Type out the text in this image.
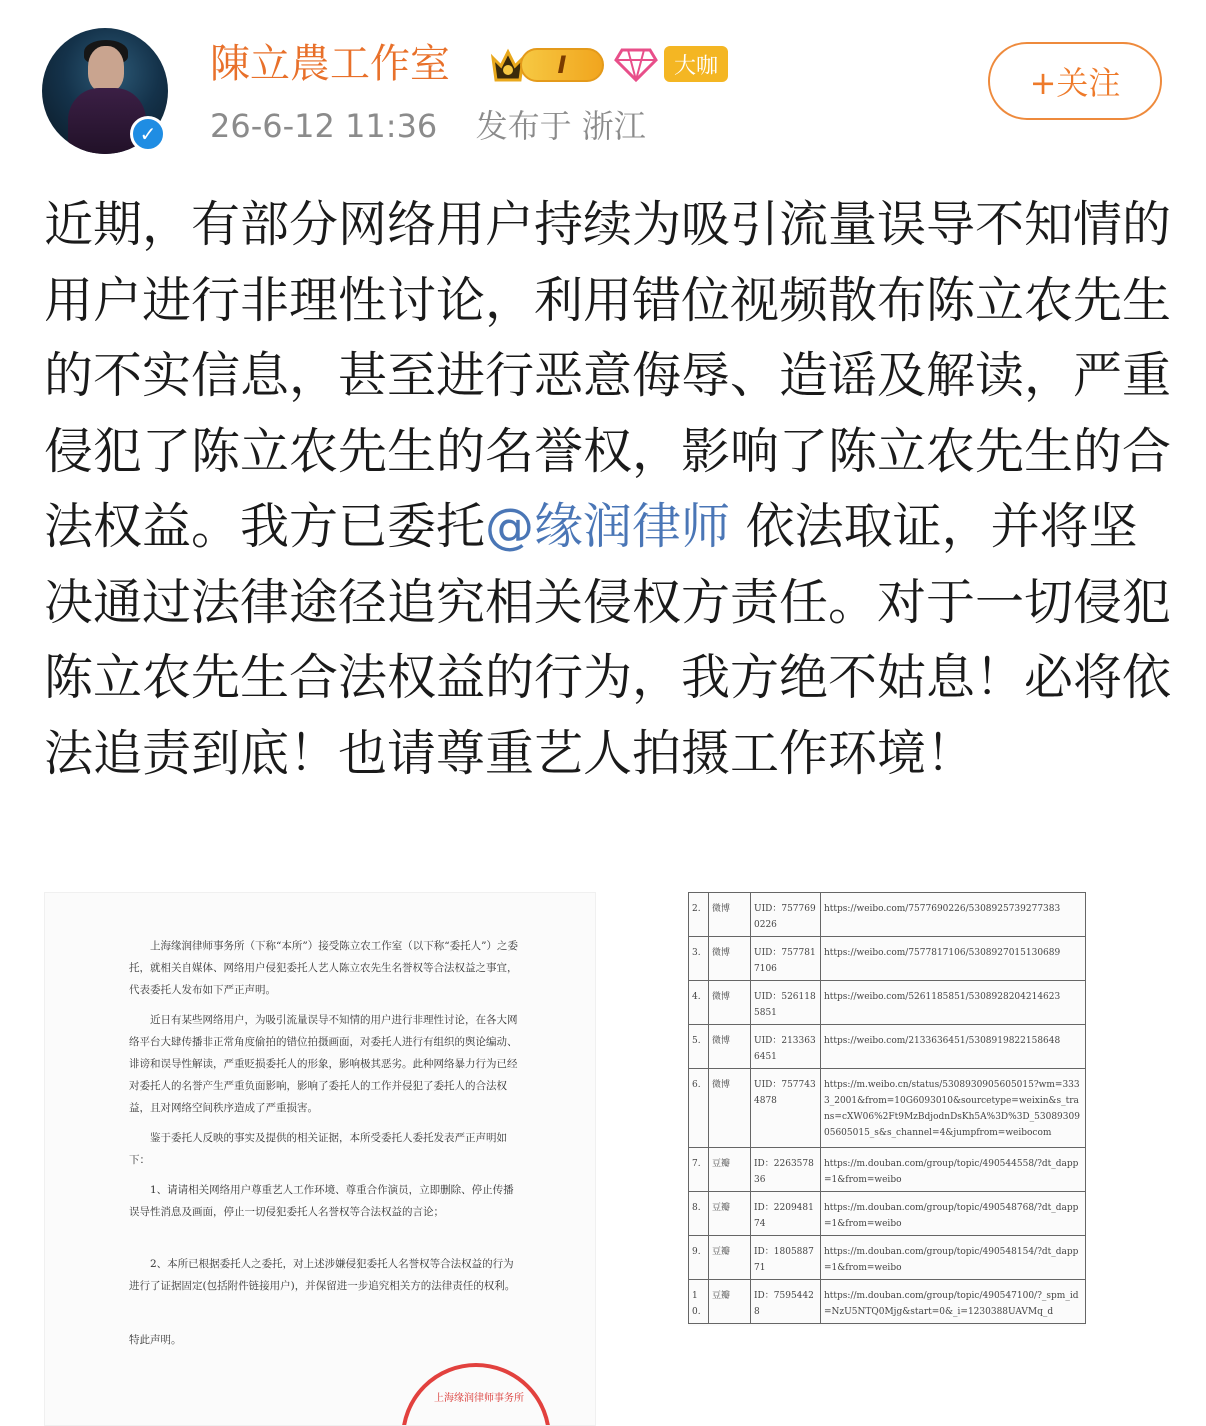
✓
陳立農工作室	I	大咖
26-6-12 11:36 发布于 浙江
+关注
近期，有部分网络用户持续为吸引流量误导不知情的用户进行非理性讨论，利用错位视频散布陈立农先生的不实信息，甚至进行恶意侮辱、造谣及解读，严重侵犯了陈立农先生的名誉权，影响了陈立农先生的合法权益。我方已委托@缘润律师 依法取证，并将坚决通过法律途径追究相关侵权方责任。对于一切侵犯陈立农先生合法权益的行为，我方绝不姑息！必将依法追责到底！也请尊重艺人拍摄工作环境！

上海缘润律师事务所（下称“本所”）接受陈立农工作室（以下称“委托人”）之委托，就相关自媒体、网络用户侵犯委托人艺人陈立农先生名誉权等合法权益之事宜，代表委托人发布如下严正声明。

近日有某些网络用户，为吸引流量误导不知情的用户进行非理性讨论，在各大网络平台大肆传播非正常角度偷拍的错位拍摄画面，对委托人进行有组织的舆论编动、诽谤和误导性解读，严重贬损委托人的形象，影响极其恶劣。此种网络暴力行为已经对委托人的名誉产生严重负面影响，影响了委托人的工作并侵犯了委托人的合法权益，且对网络空间秩序造成了严重损害。

鉴于委托人反映的事实及提供的相关证据，本所受委托人委托发表严正声明如下：

1、请请相关网络用户尊重艺人工作环境、尊重合作演员，立即删除、停止传播误导性消息及画面，停止一切侵犯委托人名誉权等合法权益的言论；

2、本所已根据委托人之委托，对上述涉嫌侵犯委托人名誉权等合法权益的行为进行了证据固定(包括附件链接用户)，并保留进一步追究相关方的法律责任的权利。

特此声明。

上海缘润律师事务所
2.	微博	UID：7577690226	https://weibo.com/7577690226/5308925739277383
3.	微博	UID：7577817106	https://weibo.com/7577817106/5308927015130689
4.	微博	UID：5261185851	https://weibo.com/5261185851/5308928204214623
5.	微博	UID：2133636451	https://weibo.com/2133636451/5308919822158648
6.	微博	UID：7577434878	https://m.weibo.cn/status/5308930905605015?wm=3333_2001&from=10G6093010&sourcetype=weixin&s_trans=cXW06%2Ft9MzBdjodnDsKh5A%3D%3D_5308930905605015_s&s_channel=4&jumpfrom=weibocom
7.	豆瓣	ID：226357836	https://m.douban.com/group/topic/490544558/?dt_dapp=1&from=weibo
8.	豆瓣	ID：220948174	https://m.douban.com/group/topic/490548768/?dt_dapp=1&from=weibo
9.	豆瓣	ID：180588771	https://m.douban.com/group/topic/490548154/?dt_dapp=1&from=weibo
10.	豆瓣	ID：75954428	https://m.douban.com/group/topic/490547100/?_spm_id=NzU5NTQ0Mjg&start=0&_i=1230388UAVMq_d
